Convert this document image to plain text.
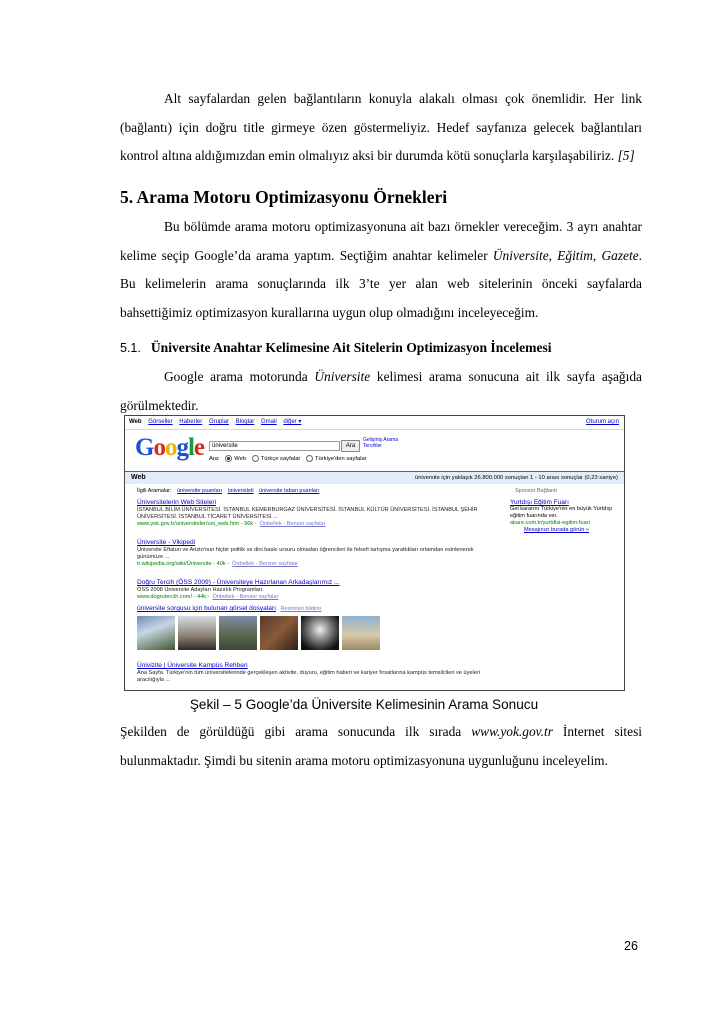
Alt sayfalardan gelen bağlantıların konuyla alakalı olması çok önemlidir. Her link (bağlantı) için doğru title girmeye özen göstermeliyiz. Hedef sayfanıza gelecek bağlantıları kontrol altına aldığımızdan emin olmalıyız aksi bir durumda kötü sonuçlarla karşılaşabiliriz. [5]

5. Arama Motoru Optimizasyonu Örnekleri

Bu bölümde arama motoru optimizasyonuna ait bazı örnekler vereceğim. 3 ayrı anahtar kelime seçip Google’da arama yaptım. Seçtiğim anahtar kelimeler Üniversite, Eğitim, Gazete. Bu kelimelerin arama sonuçlarında ilk 3’te yer alan web sitelerinin önceki sayfalarda bahsettiğimiz optimizasyon kurallarına uygun olup olmadığını inceleyeceğim.

5.1. Üniversite Anahtar Kelimesine Ait Sitelerin Optimizasyon İncelemesi

Google arama motorunda Üniversite kelimesi arama sonucuna ait ilk sayfa aşağıda görülmektedir.

Web Görseller Haberler Gruplar Bloglar Gmail diğer ▾	Oturum açın
Google	üniversite	Ara
Gelişmiş Arama
Tercihler
Ara:	Web	Türkçe sayfalar	Türkiye'den sayfalar
Web	üniversite için yaklaşık 26.800.000 sonuçtan 1 - 10 arası sonuçlar (0,23 saniye)
İlgili Aramalar: üniversite puanları üniversiteli üniversite taban puanları	Sponsor Bağlantı
Üniversitelerin Web Siteleri
İSTANBUL BİLİM ÜNİVERSİTESİ. İSTANBUL KEMERBURGAZ ÜNİVERSİTESİ. İSTANBUL KÜLTÜR ÜNİVERSİTESİ. İSTANBUL ŞEHİR ÜNİVERSİTESİ. İSTANBUL TİCARET ÜNİVERSİTESİ ...
www.yok.gov.tr/universiteler/uni_web.htm - 96k - Önbellek - Benzer sayfalar
Üniversite - Vikipedi
Üniversite Eflatun ve Aristo'nun hiçbir politik ve dini baskı ursuru olmadan öğrencileri ile felsefi tartışma yarattıkları ortamdan esinlenerek günümüze ...
tr.wikipedia.org/wiki/Üniversite - 40k - Önbellek - Benzer sayfalar
Doğru Tercih (ÖSS 2009) - Üniversiteye Hazırlanan Arkadaşlarımız ...
ÖSS 2008 Üniversite Adayları Hazırlık Programları.
www.dogrutercih.com/ - 44k - Önbellek - Benzer sayfalar
üniversite sorgusu için bulunan görsel dosyaları Resimleri bildirin
Ünivizite | Üniversite Kampüs Rehberi
Ana Sayfa. Türkiye'nin tüm üniversitelerinde gerçekleşen aktivite, duyuru, eğitim haberi ve kariyer fırsatlarına kampüs temsilcileri ve üyeleri aracılığıyla ...
Yurtdışı Eğitim Fuarı
Gel kararını Türkiye'nin en büyük Yurtdışı eğitim fuarında ver.
akare.com.tr/yurtdisi-egitim-fuari
Mesajınızı burada görün »
Şekil – 5 Google’da Üniversite Kelimesinin Arama Sonucu

Şekilden de görüldüğü gibi arama sonucunda ilk sırada www.yok.gov.tr İnternet sitesi bulunmaktadır. Şimdi bu sitenin arama motoru optimizasyonuna uygunluğunu inceleyelim.

26
